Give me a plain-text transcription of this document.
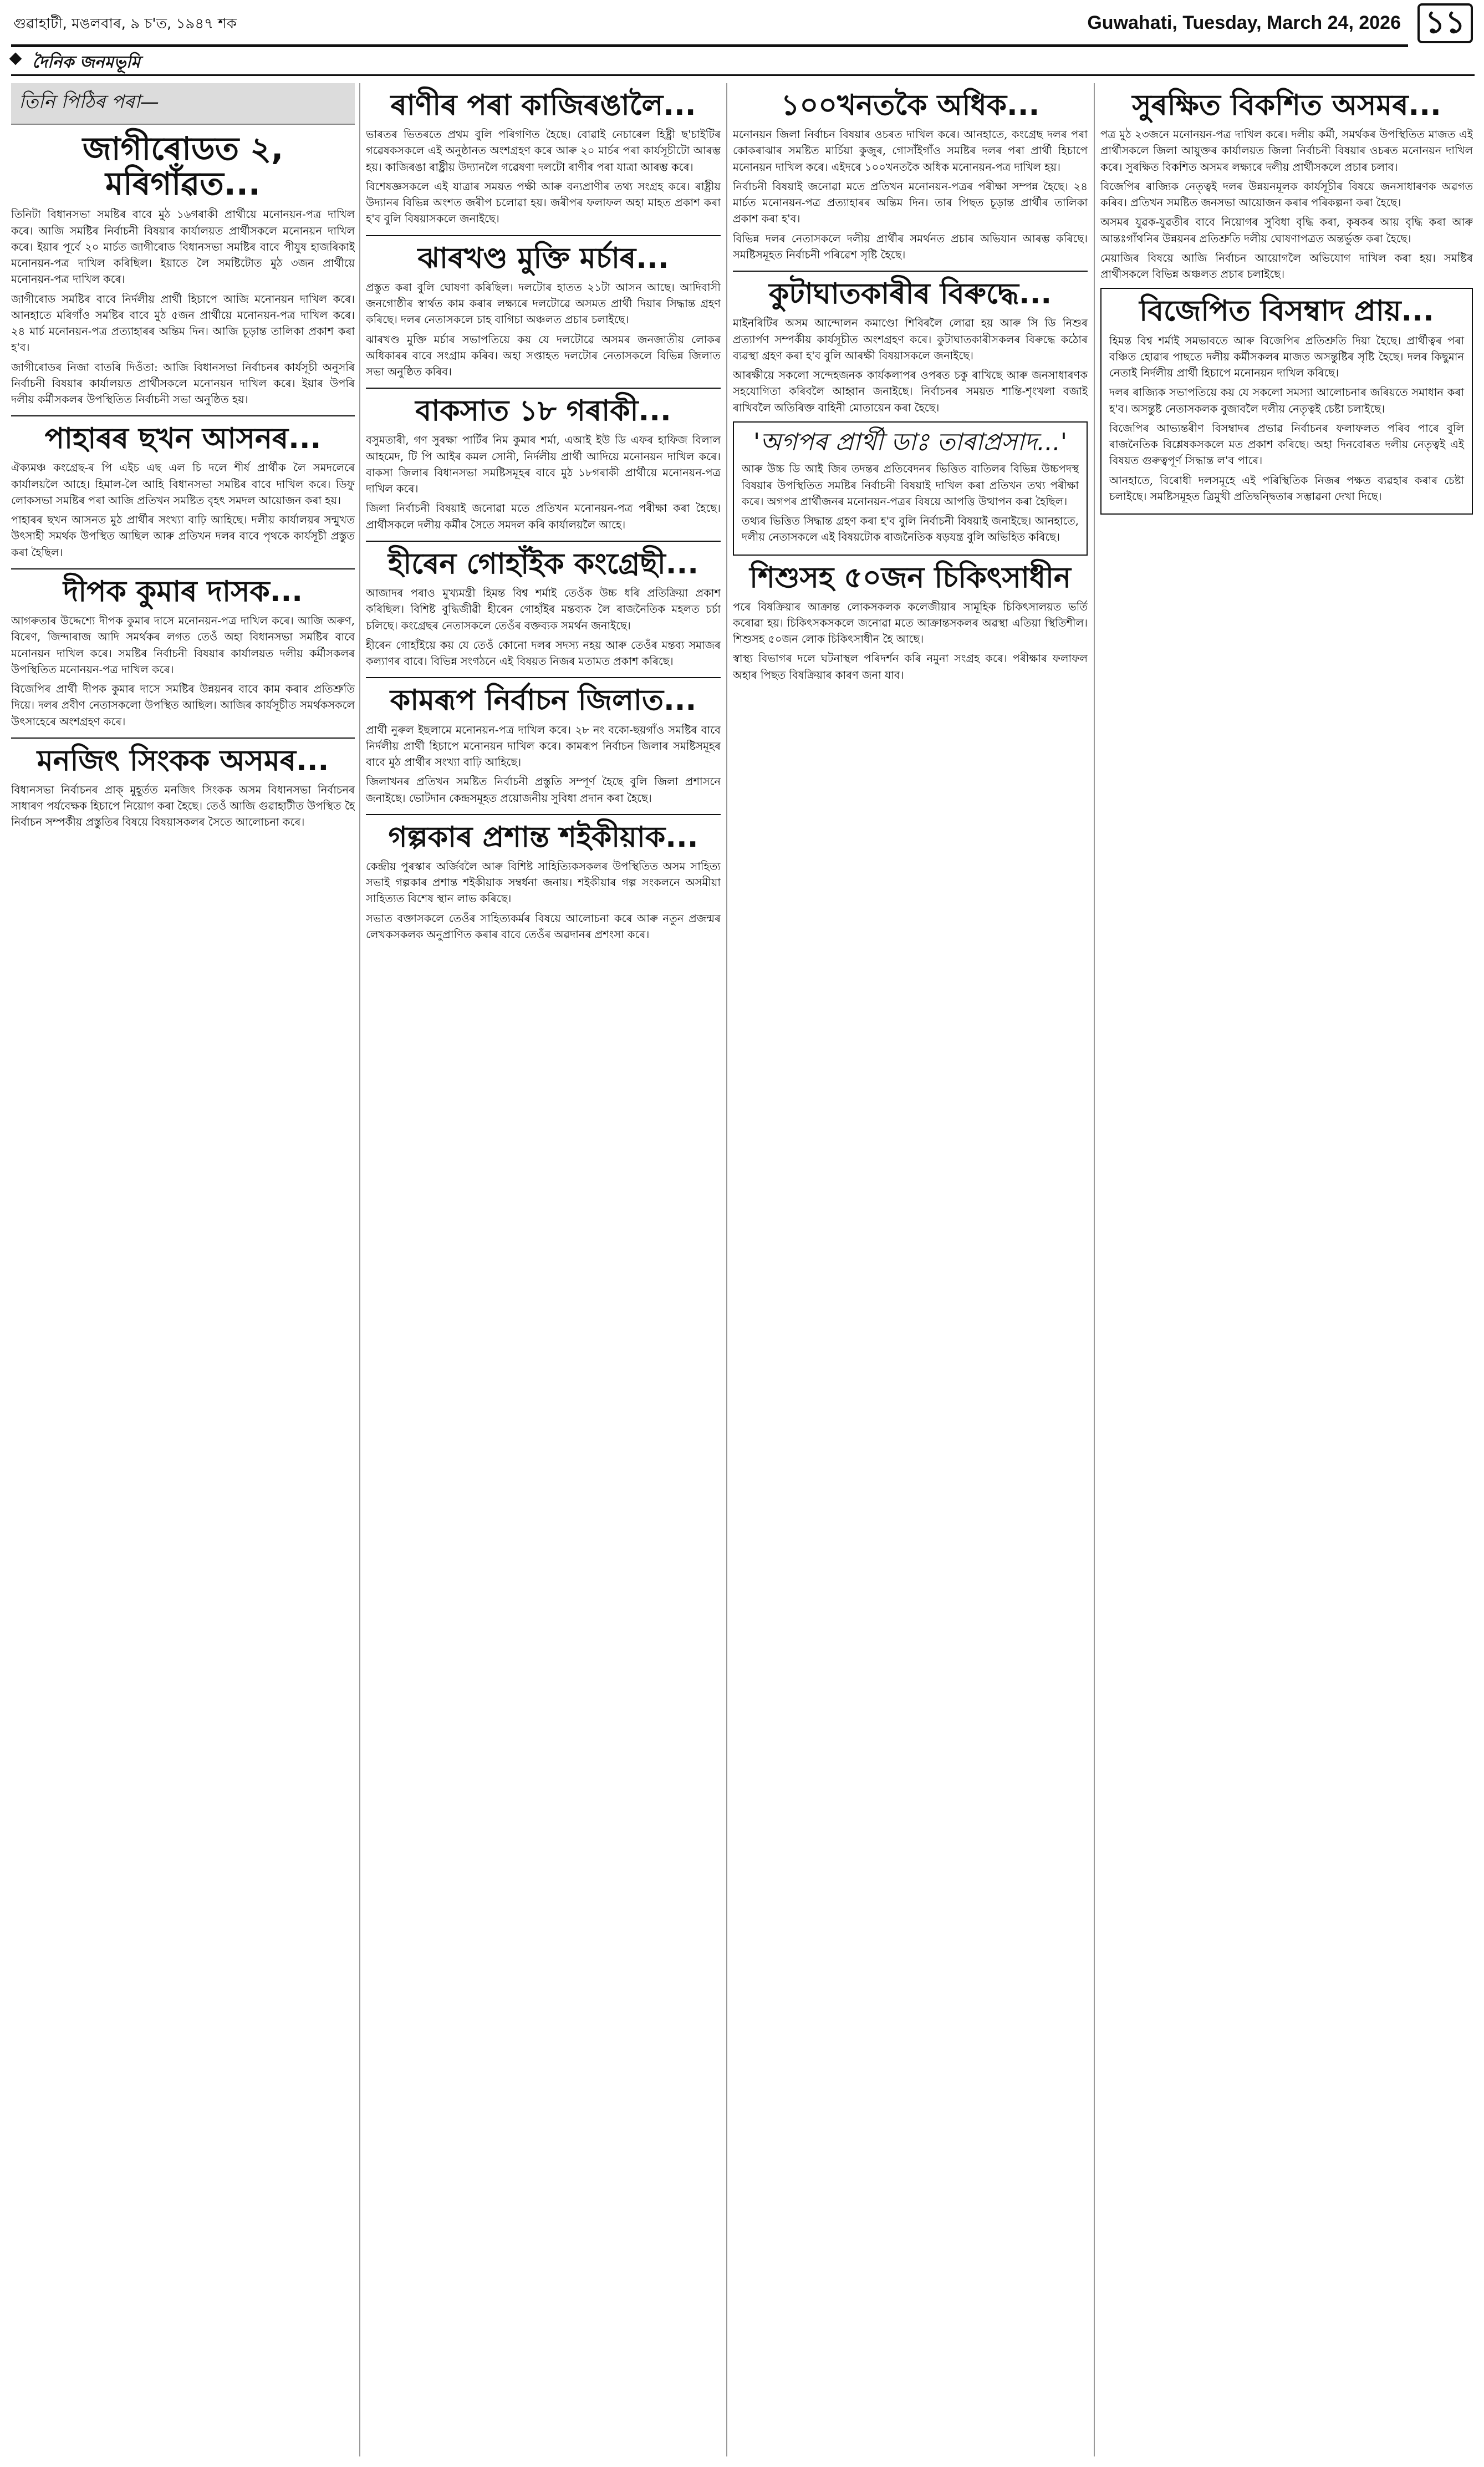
গুৱাহাটী, মঙলবাৰ, ৯ চ'ত, ১৯৪৭ শক	Guwahati, Tuesday, March 24, 2026 ১১
দৈনিক জনমভূমি
তিনি পিঠিৰ পৰা—
জাগীৰোডত ২, মৰিগাঁৱত...

তিনিটা বিধানসভা সমষ্টিৰ বাবে মুঠ ১৬গৰাকী প্ৰাৰ্থীয়ে মনোনয়ন-পত্ৰ দাখিল কৰে। আজি সমষ্টিৰ নিৰ্বাচনী বিষয়াৰ কাৰ্যালয়ত প্ৰাৰ্থীসকলে মনোনয়ন দাখিল কৰে। ইয়াৰ পূৰ্বে ২০ মাৰ্চত জাগীৰোড বিধানসভা সমষ্টিৰ বাবে পীযুষ হাজৰিকাই মনোনয়ন-পত্ৰ দাখিল কৰিছিল। ইয়াতে লৈ সমষ্টিটোত মুঠ ৩জন প্ৰাৰ্থীয়ে মনোনয়ন-পত্ৰ দাখিল কৰে।

জাগীৰোড সমষ্টিৰ বাবে নিৰ্দলীয় প্ৰাৰ্থী হিচাপে আজি মনোনয়ন দাখিল কৰে। আনহাতে মৰিগাঁও সমষ্টিৰ বাবে মুঠ ৫জন প্ৰাৰ্থীয়ে মনোনয়ন-পত্ৰ দাখিল কৰে। ২৪ মাৰ্চ মনোনয়ন-পত্ৰ প্ৰত্যাহাৰৰ অন্তিম দিন। আজি চূড়ান্ত তালিকা প্ৰকাশ কৰা হ'ব।

জাগীৰোডৰ নিজা বাতৰি দিওঁতা: আজি বিধানসভা নিৰ্বাচনৰ কাৰ্যসূচী অনুসৰি নিৰ্বাচনী বিষয়াৰ কাৰ্যালয়ত প্ৰাৰ্থীসকলে মনোনয়ন দাখিল কৰে। ইয়াৰ উপৰি দলীয় কৰ্মীসকলৰ উপস্থিতিত নিৰ্বাচনী সভা অনুষ্ঠিত হয়।

পাহাৰৰ ছখন আসনৰ...

ঐক্যমঞ্চ কংগ্ৰেছ-ৰ পি এইচ এছ এল চি দলে শীৰ্ষ প্ৰাৰ্থীক লৈ সমদলেৰে কাৰ্যালয়লৈ আহে। হিমাল-লৈ আহি বিধানসভা সমষ্টিৰ বাবে দাখিল কৰে। ডিফু লোকসভা সমষ্টিৰ পৰা আজি প্ৰতিখন সমষ্টিত বৃহৎ সমদল আয়োজন কৰা হয়।

পাহাৰৰ ছখন আসনত মুঠ প্ৰাৰ্থীৰ সংখ্যা বাঢ়ি আহিছে। দলীয় কাৰ্যালয়ৰ সন্মুখত উৎসাহী সমৰ্থক উপস্থিত আছিল আৰু প্ৰতিখন দলৰ বাবে পৃথকে কাৰ্যসূচী প্ৰস্তুত কৰা হৈছিল।

দীপক কুমাৰ দাসক...

আগৰুতাৰ উদ্দেশ্যে দীপক কুমাৰ দাসে মনোনয়ন-পত্ৰ দাখিল কৰে। আজি অৰুণ, বিৰেণ, জিন্দাৰাজ আদি সমৰ্থকৰ লগত তেওঁ অহা বিধানসভা সমষ্টিৰ বাবে মনোনয়ন দাখিল কৰে। সমষ্টিৰ নিৰ্বাচনী বিষয়াৰ কাৰ্যালয়ত দলীয় কৰ্মীসকলৰ উপস্থিতিত মনোনয়ন-পত্ৰ দাখিল কৰে।

বিজেপিৰ প্ৰাৰ্থী দীপক কুমাৰ দাসে সমষ্টিৰ উন্নয়নৰ বাবে কাম কৰাৰ প্ৰতিশ্ৰুতি দিয়ে। দলৰ প্ৰবীণ নেতাসকলো উপস্থিত আছিল। আজিৰ কাৰ্যসূচীত সমৰ্থকসকলে উৎসাহেৰে অংশগ্ৰহণ কৰে।

মনজিৎ সিংকক অসমৰ...

বিধানসভা নিৰ্বাচনৰ প্ৰাক্ মুহূৰ্তত মনজিৎ সিংকক অসম বিধানসভা নিৰ্বাচনৰ সাধাৰণ পৰ্যবেক্ষক হিচাপে নিয়োগ কৰা হৈছে। তেওঁ আজি গুৱাহাটীত উপস্থিত হৈ নিৰ্বাচন সম্পৰ্কীয় প্ৰস্তুতিৰ বিষয়ে বিষয়াসকলৰ সৈতে আলোচনা কৰে।

ৰাণীৰ পৰা কাজিৰঙালৈ...

ভাৰতৰ ভিতৰতে প্ৰথম বুলি পৰিগণিত হৈছে। বোৱাই নেচাৰেল হিষ্ট্ৰী ছ'চাইটিৰ গৱেষকসকলে এই অনুষ্ঠানত অংশগ্ৰহণ কৰে আৰু ২০ মাৰ্চৰ পৰা কাৰ্যসূচীটো আৰম্ভ হয়। কাজিৰঙা ৰাষ্ট্ৰীয় উদ্যানলৈ গৱেষণা দলটো ৰাণীৰ পৰা যাত্ৰা আৰম্ভ কৰে।

বিশেষজ্ঞসকলে এই যাত্ৰাৰ সময়ত পক্ষী আৰু বন্যপ্ৰাণীৰ তথ্য সংগ্ৰহ কৰে। ৰাষ্ট্ৰীয় উদ্যানৰ বিভিন্ন অংশত জৰীপ চলোৱা হয়। জৰীপৰ ফলাফল অহা মাহত প্ৰকাশ কৰা হ'ব বুলি বিষয়াসকলে জনাইছে।

ঝাৰখণ্ড মুক্তি মৰ্চাৰ...

প্ৰস্তুত কৰা বুলি ঘোষণা কৰিছিল। দলটোৰ হাতত ২১টা আসন আছে। আদিবাসী জনগোষ্ঠীৰ স্বাৰ্থত কাম কৰাৰ লক্ষ্যৰে দলটোৱে অসমত প্ৰাৰ্থী দিয়াৰ সিদ্ধান্ত গ্ৰহণ কৰিছে। দলৰ নেতাসকলে চাহ বাগিচা অঞ্চলত প্ৰচাৰ চলাইছে।

ঝাৰখণ্ড মুক্তি মৰ্চাৰ সভাপতিয়ে কয় যে দলটোৱে অসমৰ জনজাতীয় লোকৰ অধিকাৰৰ বাবে সংগ্ৰাম কৰিব। অহা সপ্তাহত দলটোৰ নেতাসকলে বিভিন্ন জিলাত সভা অনুষ্ঠিত কৰিব।

বাকসাত ১৮ গৰাকী...

বসুমতাৰী, গণ সুৰক্ষা পাৰ্টিৰ নিম কুমাৰ শৰ্মা, এআই ইউ ডি এফৰ হাফিজ বিলাল আহমেদ, টি পি আইৰ কমল সোনী, নিৰ্দলীয় প্ৰাৰ্থী আদিয়ে মনোনয়ন দাখিল কৰে। বাকসা জিলাৰ বিধানসভা সমষ্টিসমূহৰ বাবে মুঠ ১৮গৰাকী প্ৰাৰ্থীয়ে মনোনয়ন-পত্ৰ দাখিল কৰে।

জিলা নিৰ্বাচনী বিষয়াই জনোৱা মতে প্ৰতিখন মনোনয়ন-পত্ৰ পৰীক্ষা কৰা হৈছে। প্ৰাৰ্থীসকলে দলীয় কৰ্মীৰ সৈতে সমদল কৰি কাৰ্যালয়লৈ আহে।

হীৰেন গোহাঁইক কংগ্ৰেছী...

আজাদৰ পৰাও মুখ্যমন্ত্ৰী হিমন্ত বিশ্ব শৰ্মাই তেওঁক উচ্চ ধৰি প্ৰতিক্ৰিয়া প্ৰকাশ কৰিছিল। বিশিষ্ট বুদ্ধিজীৱী হীৰেন গোহাঁইৰ মন্তব্যক লৈ ৰাজনৈতিক মহলত চৰ্চা চলিছে। কংগ্ৰেছৰ নেতাসকলে তেওঁৰ বক্তব্যক সমৰ্থন জনাইছে।

হীৰেন গোহাঁইয়ে কয় যে তেওঁ কোনো দলৰ সদস্য নহয় আৰু তেওঁৰ মন্তব্য সমাজৰ কল্যাণৰ বাবে। বিভিন্ন সংগঠনে এই বিষয়ত নিজৰ মতামত প্ৰকাশ কৰিছে।

কামৰূপ নিৰ্বাচন জিলাত...

প্ৰাৰ্থী নুৰুল ইছলামে মনোনয়ন-পত্ৰ দাখিল কৰে। ২৮ নং বকো-ছয়গাঁও সমষ্টিৰ বাবে নিৰ্দলীয় প্ৰাৰ্থী হিচাপে মনোনয়ন দাখিল কৰে। কামৰূপ নিৰ্বাচন জিলাৰ সমষ্টিসমূহৰ বাবে মুঠ প্ৰাৰ্থীৰ সংখ্যা বাঢ়ি আহিছে।

জিলাখনৰ প্ৰতিখন সমষ্টিত নিৰ্বাচনী প্ৰস্তুতি সম্পূৰ্ণ হৈছে বুলি জিলা প্ৰশাসনে জনাইছে। ভোটদান কেন্দ্ৰসমূহত প্ৰয়োজনীয় সুবিধা প্ৰদান কৰা হৈছে।

গল্পকাৰ প্ৰশান্ত শইকীয়াক...

কেন্দ্ৰীয় পুৰস্কাৰ অৰ্জিবলৈ আৰু বিশিষ্ট সাহিত্যিকসকলৰ উপস্থিতিত অসম সাহিত্য সভাই গল্পকাৰ প্ৰশান্ত শইকীয়াক সম্বৰ্ধনা জনায়। শইকীয়াৰ গল্প সংকলনে অসমীয়া সাহিত্যত বিশেষ স্থান লাভ কৰিছে।

সভাত বক্তাসকলে তেওঁৰ সাহিত্যকৰ্মৰ বিষয়ে আলোচনা কৰে আৰু নতুন প্ৰজন্মৰ লেখকসকলক অনুপ্ৰাণিত কৰাৰ বাবে তেওঁৰ অৱদানৰ প্ৰশংসা কৰে।

১০০খনতকৈ অধিক...

মনোনয়ন জিলা নিৰ্বাচন বিষয়াৰ ওচৰত দাখিল কৰে। আনহাতে, কংগ্ৰেছ দলৰ পৰা কোকৰাঝাৰ সমষ্টিত মাৰ্চিয়া কুজুৰ, গোসাঁইগাঁও সমষ্টিৰ দলৰ পৰা প্ৰাৰ্থী হিচাপে মনোনয়ন দাখিল কৰে। এইদৰে ১০০খনতকৈ অধিক মনোনয়ন-পত্ৰ দাখিল হয়।

নিৰ্বাচনী বিষয়াই জনোৱা মতে প্ৰতিখন মনোনয়ন-পত্ৰৰ পৰীক্ষা সম্পন্ন হৈছে। ২৪ মাৰ্চত মনোনয়ন-পত্ৰ প্ৰত্যাহাৰৰ অন্তিম দিন। তাৰ পিছত চূড়ান্ত প্ৰাৰ্থীৰ তালিকা প্ৰকাশ কৰা হ'ব।

বিভিন্ন দলৰ নেতাসকলে দলীয় প্ৰাৰ্থীৰ সমৰ্থনত প্ৰচাৰ অভিযান আৰম্ভ কৰিছে। সমষ্টিসমূহত নিৰ্বাচনী পৰিৱেশ সৃষ্টি হৈছে।

কুটাঘাতকাৰীৰ বিৰুদ্ধে...

মাইনৰিটিৰ অসম আন্দোলন কমাণ্ডো শিবিৰলৈ লোৱা হয় আৰু সি ডি নিশুৰ প্ৰত্যাৰ্পণ সম্পৰ্কীয় কাৰ্যসূচীত অংশগ্ৰহণ কৰে। কুটাঘাতকাৰীসকলৰ বিৰুদ্ধে কঠোৰ ব্যৱস্থা গ্ৰহণ কৰা হ'ব বুলি আৰক্ষী বিষয়াসকলে জনাইছে।

আৰক্ষীয়ে সকলো সন্দেহজনক কাৰ্যকলাপৰ ওপৰত চকু ৰাখিছে আৰু জনসাধাৰণক সহযোগিতা কৰিবলৈ আহ্বান জনাইছে। নিৰ্বাচনৰ সময়ত শান্তি-শৃংখলা বজাই ৰাখিবলৈ অতিৰিক্ত বাহিনী মোতায়েন কৰা হৈছে।

'অগপৰ প্ৰাৰ্থী ডাঃ তাৰাপ্ৰসাদ...'

আৰু উচ্চ ডি আই জিৰ তদন্তৰ প্ৰতিবেদনৰ ভিত্তিত বাতিলৰ বিভিন্ন উচ্চপদস্থ বিষয়াৰ উপস্থিতিত সমষ্টিৰ নিৰ্বাচনী বিষয়াই দাখিল কৰা প্ৰতিখন তথ্য পৰীক্ষা কৰে। অগপৰ প্ৰাৰ্থীজনৰ মনোনয়ন-পত্ৰৰ বিষয়ে আপত্তি উত্থাপন কৰা হৈছিল।

তথ্যৰ ভিত্তিত সিদ্ধান্ত গ্ৰহণ কৰা হ'ব বুলি নিৰ্বাচনী বিষয়াই জনাইছে। আনহাতে, দলীয় নেতাসকলে এই বিষয়টোক ৰাজনৈতিক ষড়যন্ত্ৰ বুলি অভিহিত কৰিছে।

শিশুসহ ৫০জন চিকিৎসাধীন

পৰে বিষক্ৰিয়াৰ আক্ৰান্ত লোকসকলক কলেজীয়াৰ সামূহিক চিকিৎসালয়ত ভৰ্তি কৰোৱা হয়। চিকিৎসকসকলে জনোৱা মতে আক্ৰান্তসকলৰ অৱস্থা এতিয়া স্থিতিশীল। শিশুসহ ৫০জন লোক চিকিৎসাধীন হৈ আছে।

স্বাস্থ্য বিভাগৰ দলে ঘটনাস্থল পৰিদৰ্শন কৰি নমুনা সংগ্ৰহ কৰে। পৰীক্ষাৰ ফলাফল অহাৰ পিছত বিষক্ৰিয়াৰ কাৰণ জনা যাব।

সুৰক্ষিত বিকশিত অসমৰ...

পত্ৰ মুঠ ২৩জনে মনোনয়ন-পত্ৰ দাখিল কৰে। দলীয় কৰ্মী, সমৰ্থকৰ উপস্থিতিত মাজত এই প্ৰাৰ্থীসকলে জিলা আয়ুক্তৰ কাৰ্যালয়ত জিলা নিৰ্বাচনী বিষয়াৰ ওচৰত মনোনয়ন দাখিল কৰে। সুৰক্ষিত বিকশিত অসমৰ লক্ষ্যৰে দলীয় প্ৰাৰ্থীসকলে প্ৰচাৰ চলাব।

বিজেপিৰ ৰাজ্যিক নেতৃত্বই দলৰ উন্নয়নমূলক কাৰ্যসূচীৰ বিষয়ে জনসাধাৰণক অৱগত কৰিব। প্ৰতিখন সমষ্টিত জনসভা আয়োজন কৰাৰ পৰিকল্পনা কৰা হৈছে।

অসমৰ যুৱক-যুৱতীৰ বাবে নিয়োগৰ সুবিধা বৃদ্ধি কৰা, কৃষকৰ আয় বৃদ্ধি কৰা আৰু আন্তঃগাঁথনিৰ উন্নয়নৰ প্ৰতিশ্ৰুতি দলীয় ঘোষণাপত্ৰত অন্তৰ্ভুক্ত কৰা হৈছে।

মেয়াজিৰ বিষয়ে আজি নিৰ্বাচন আয়োগলৈ অভিযোগ দাখিল কৰা হয়। সমষ্টিৰ প্ৰাৰ্থীসকলে বিভিন্ন অঞ্চলত প্ৰচাৰ চলাইছে।

বিজেপিত বিসম্বাদ প্ৰায়...

হিমন্ত বিশ্ব শৰ্মাই সমভাবতে আৰু বিজেপিৰ প্ৰতিশ্ৰুতি দিয়া হৈছে। প্ৰাৰ্থীত্বৰ পৰা বঞ্চিত হোৱাৰ পাছতে দলীয় কৰ্মীসকলৰ মাজত অসন্তুষ্টিৰ সৃষ্টি হৈছে। দলৰ কিছুমান নেতাই নিৰ্দলীয় প্ৰাৰ্থী হিচাপে মনোনয়ন দাখিল কৰিছে।

দলৰ ৰাজ্যিক সভাপতিয়ে কয় যে সকলো সমস্যা আলোচনাৰ জৰিয়তে সমাধান কৰা হ'ব। অসন্তুষ্ট নেতাসকলক বুজাবলৈ দলীয় নেতৃত্বই চেষ্টা চলাইছে।

বিজেপিৰ আভ্যন্তৰীণ বিসম্বাদৰ প্ৰভাৱ নিৰ্বাচনৰ ফলাফলত পৰিব পাৰে বুলি ৰাজনৈতিক বিশ্লেষকসকলে মত প্ৰকাশ কৰিছে। অহা দিনবোৰত দলীয় নেতৃত্বই এই বিষয়ত গুৰুত্বপূৰ্ণ সিদ্ধান্ত ল'ব পাৰে।

আনহাতে, বিৰোধী দলসমূহে এই পৰিস্থিতিক নিজৰ পক্ষত ব্যৱহাৰ কৰাৰ চেষ্টা চলাইছে। সমষ্টিসমূহত ত্ৰিমুখী প্ৰতিদ্বন্দ্বিতাৰ সম্ভাৱনা দেখা দিছে।
